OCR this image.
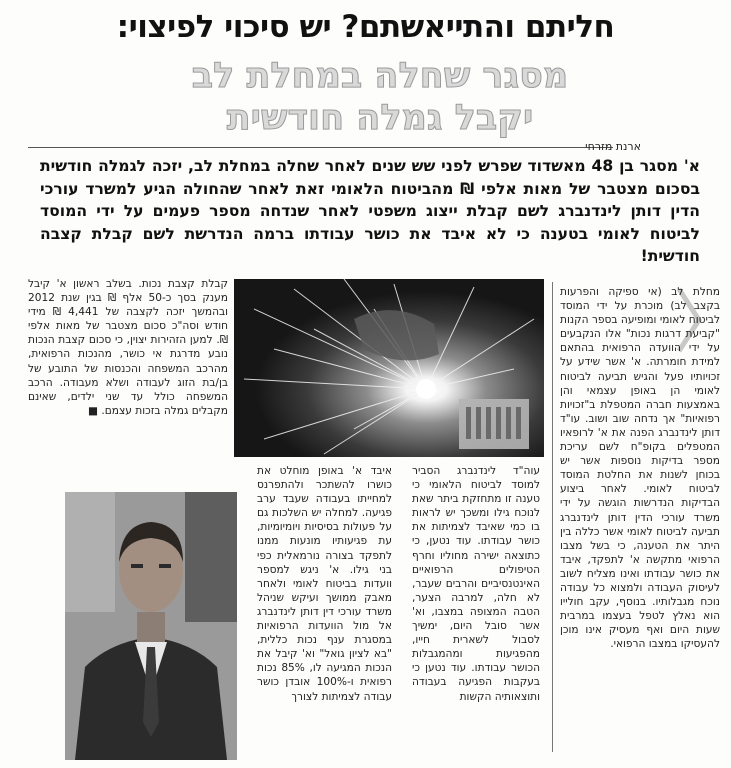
חליתם והתייאשתם? יש סיכוי לפיצוי:
מסגר שחלה במחלת לב
יקבל גמלה חודשית
ארנת מזרחי
א' מסגר בן 48 מאשדוד שפרש לפני שש שנים לאחר שחלה במחלת לב, יזכה לגמלה חודשית בסכום מצטבר של מאות אלפי ₪ מהביטוח הלאומי זאת לאחר שהחולה הגיע למשרד עורכי הדין דותן לינדנברג לשם קבלת ייצוג משפטי לאחר שנדחה מספר פעמים על ידי המוסד לביטוח לאומי בטענה כי לא איבד את כושר עבודתו ברמה הנדרשת לשם קבלת קצבה חודשית!

מחלת לב (אי ספיקה והפרעות בקצב לב) מוכרת על ידי המוסד לביטוח לאומי ומופיעה בספר הקנות "קביעת דרגות נכות" אלו הנקבעים על ידי הוועדה הרפואית בהתאם למידת חומרתה. א' אשר שידע על זכויותיו פעל והגיש תביעה לביטוח לאומי הן באופן עצמאי והן באמצעות חברה המטפלת ב"זכויות רפואיות" אך נדחה שוב ושוב. עו"ד דותן לינדנברג הפנה את א' לרופאיו המטפלים בקופ"ח לשם עריכת מספר בדיקות נוספות אשר יש בכוחן לשנות את החלטת המוסד לביטוח לאומי. לאחר ביצוע הבדיקות הנדרשות הוגשה על ידי משרד עורכי הדין דותן לינדנברג תביעה לביטוח לאומי אשר כללה בין היתר את הטענה, כי בשל מצבו הרפואי מתקשה א' לתפקד, איבד את כושר עבודתו ואינו מצליח לשוב לעיסוק העבודה ולמצוא כל עבודה נוכח מגבלותיו. בנוסף, עקב חולייו הוא נאלץ לטפל בעצמו במרבית שעות היום ואף מעסיק אינו מוכן להעסיקו במצבו הרפואי.

קבלת קצבת נכות. בשלב ראשון א' קיבל מענק בסך כ-50 אלף ₪ בגין שנת 2012 ובהמשך יזכה לקצבה של 4,441 ₪ מידי חודש וסה"כ סכום מצטבר של מאות אלפי ₪. למען הזהירות יצוין, כי סכום קצבת הנכות נובע מדרגת אי כושר, מהנכות הרפואית, מהרכב המשפחה והכנסות של התובע של בן/בת הזוג לעבודה ושלא מעבודה. הרכב המשפחה כולל עד שני ילדים, שאינם מקבלים גמלה בזכות עצמם. ■

עוה"ד לינדנברג הסביר למוסד לביטוח הלאומי כי טענה זו מתחזקת ביתר שאת לנוכח גילו ומשכך יש לראות בו כמי שאיבד לצמיתות את כושר עבודתו. עוד נטען, כי כתוצאה ישירה מחוליו וחרף הטיפולים הרפואיים האינטנסיביים והרבים שעבר, לא חלה, למרבה הצער, הטבה המצופה במצבו, וא' אשר סובל היום, ימשיך לסבול לשארית חייו, מהפגיעות ומהמגבלות הכושר עבודתו. עוד נטען כי בעקבות הפגיעה בעבודה ותוצאותיה הקשות

איבד א' באופן מוחלט את כושרו להשתכר ולהתפרנס למחייתו בעבודה שעבד ערב פגיעה. למחלה יש השלכות גם על פעולות בסיסיות ויומיומיות, עת פגיעותיו מונעות ממנו לתפקד בצורה נורמאלית כפי בני גילו. א' ניגש למספר וועדות בביטוח לאומי ולאחר מאבק ממושך ועיקש שניהל משרד עורכי דין דותן לינדנברג אל מול הוועדות הרפואיות במסגרת ענף נכות כללית, "בא לציון גואל" וא' קיבל את הנכות המגיעה לו, 85% נכות רפואית ו-100% אובדן כושר עבודה לצמיתות לצורך
